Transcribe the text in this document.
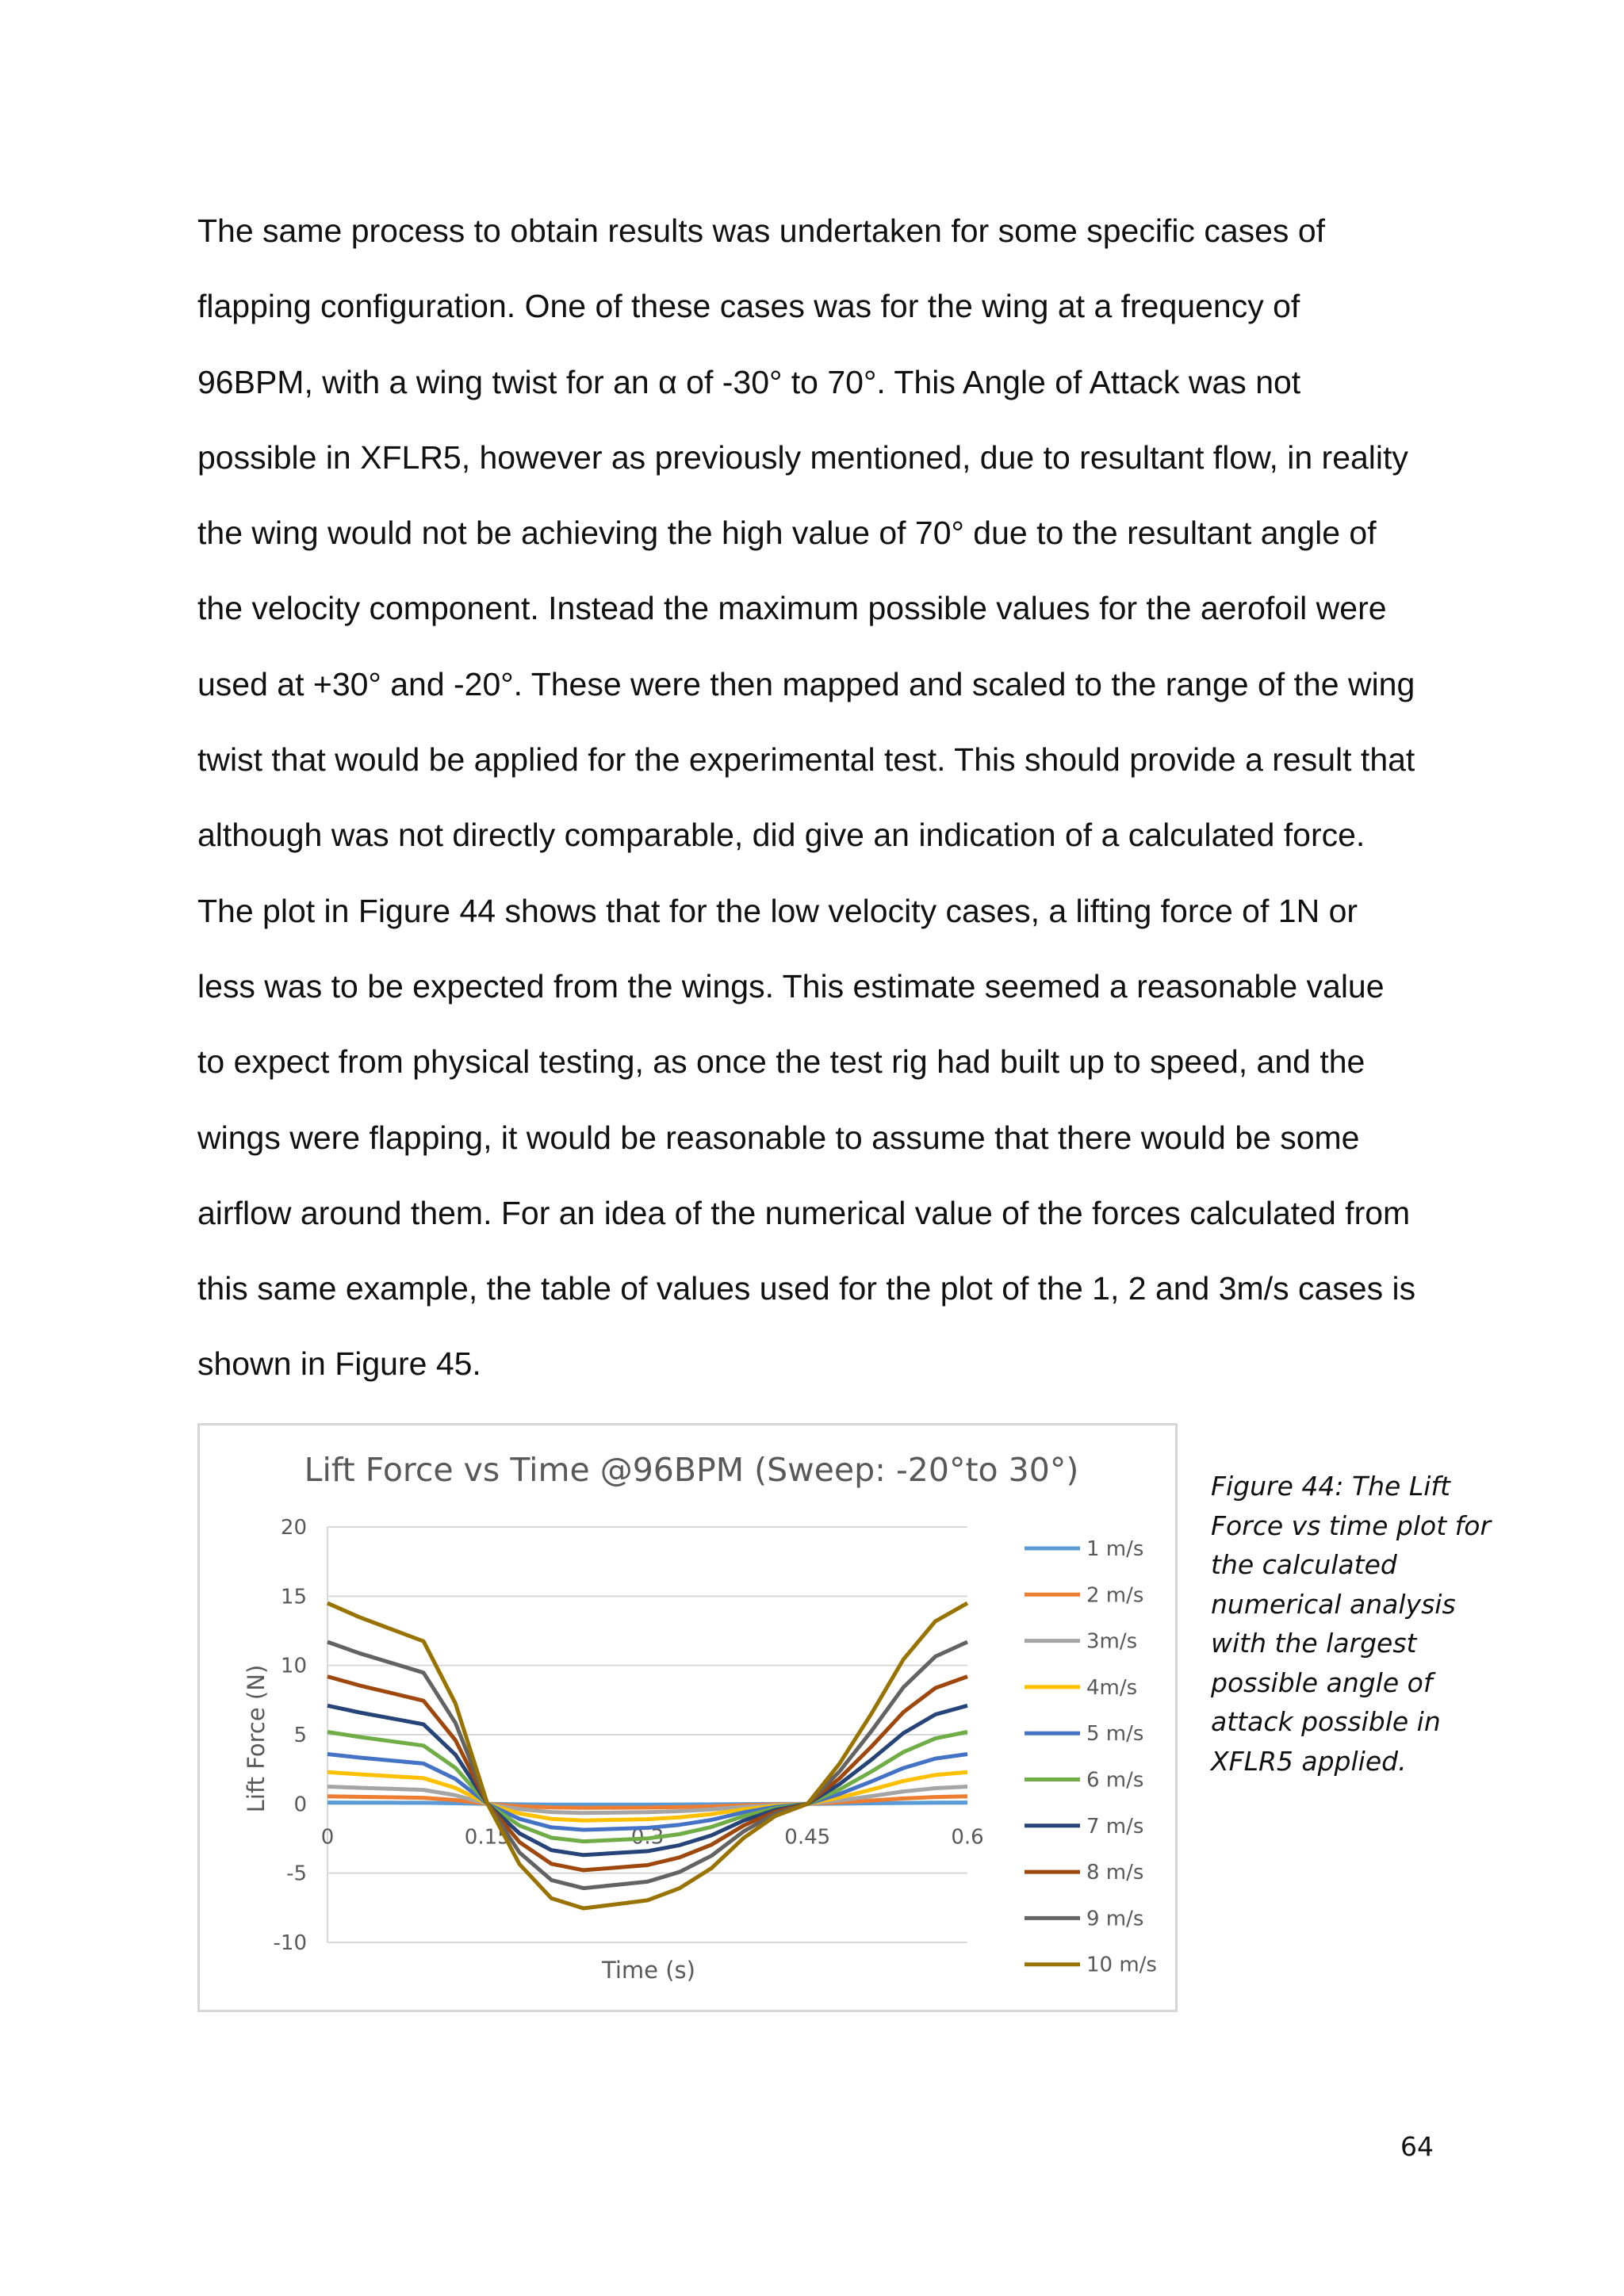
The same process to obtain results was undertaken for some specific cases of
flapping configuration. One of these cases was for the wing at a frequency of
96BPM, with a wing twist for an α of -30° to 70°. This Angle of Attack was not
possible in XFLR5, however as previously mentioned, due to resultant flow, in reality
the wing would not be achieving the high value of 70° due to the resultant angle of
the velocity component. Instead the maximum possible values for the aerofoil were
used at +30° and -20°. These were then mapped and scaled to the range of the wing
twist that would be applied for the experimental test. This should provide a result that
although was not directly comparable, did give an indication of a calculated force.
The plot in Figure 44 shows that for the low velocity cases, a lifting force of 1N or
less was to be expected from the wings. This estimate seemed a reasonable value
to expect from physical testing, as once the test rig had built up to speed, and the
wings were flapping, it would be reasonable to assume that there would be some
airflow around them. For an idea of the numerical value of the forces calculated from
this same example, the table of values used for the plot of the 1, 2 and 3m/s cases is
shown in Figure 45.
Lift Force vs Time @96BPM (Sweep: -20°to 30°)
Lift Force (N)
Time (s)
20
15
10
5
0
-5
-10
0	0.15	0.3	0.45	0.6
1 m/s
2 m/s
3m/s
4m/s
5 m/s
6 m/s
7 m/s
8 m/s
9 m/s
10 m/s
Figure 44: The Lift
Force vs time plot for
the calculated
numerical analysis
with the largest
possible angle of
attack possible in
XFLR5 applied.
64
